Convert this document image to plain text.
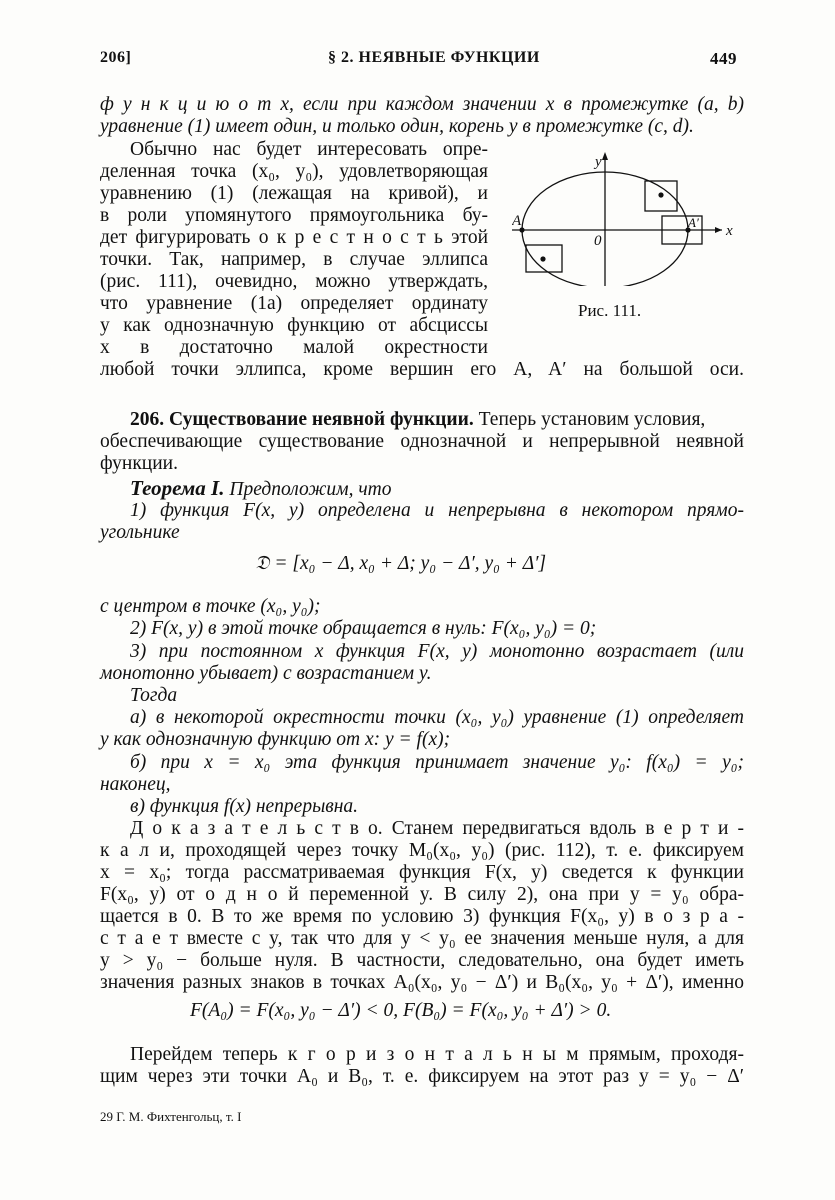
206]	§ 2. НЕЯВНЫЕ ФУНКЦИИ	449
ф у н к ц и ю о т x, если при каждом значении x в промежутке (a, b)
уравнение (1) имеет один, и только один, корень y в промежутке (c, d).
Обычно нас будет интересовать опре-
деленная точка (x₀, y₀), удовлетворяющая
уравнению (1) (лежащая на кривой), и
в роли упомянутого прямоугольника бу-
дет фигурировать о к р е с т н о с т ь этой
точки. Так, например, в случае эллипса
(рис. 111), очевидно, можно утверждать,
что уравнение (1а) определяет ординату
y как однозначную функцию от абсциссы
x в достаточно малой окрестности
любой точки эллипса, кроме вершин его A, A′ на большой оси.
y
x
A	A′
0
Рис. 111.
206. Существование неявной функции. Теперь установим условия,
обеспечивающие существование однозначной и непрерывной неявной
функции.
Теорема I. Предположим, что
1) функция F(x, y) определена и непрерывна в некотором прямо-
угольнике
𝔇 = [x₀ − Δ, x₀ + Δ; y₀ − Δ′, y₀ + Δ′]
с центром в точке (x₀, y₀);
2) F(x, y) в этой точке обращается в нуль: F(x₀, y₀) = 0;
3) при постоянном x функция F(x, y) монотонно возрастает (или
монотонно убывает) с возрастанием y.
Тогда
а) в некоторой окрестности точки (x₀, y₀) уравнение (1) определяет
y как однозначную функцию от x: y = f(x);
б) при x = x₀ эта функция принимает значение y₀: f(x₀) = y₀;
наконец,
в) функция f(x) непрерывна.
Д о к а з а т е л ь с т в о. Станем передвигаться вдоль в е р т и -
к а л и, проходящей через точку M₀(x₀, y₀) (рис. 112), т. е. фиксируем
x = x₀; тогда рассматриваемая функция F(x, y) сведется к функции
F(x₀, y) от о д н о й переменной y. В силу 2), она при y = y₀ обра-
щается в 0. В то же время по условию 3) функция F(x₀, y) в о з р а -
с т а е т вместе с y, так что для y < y₀ ее значения меньше нуля, а для
y > y₀ − больше нуля. В частности, следовательно, она будет иметь
значения разных знаков в точках A₀(x₀, y₀ − Δ′) и B₀(x₀, y₀ + Δ′), именно
F(A₀) = F(x₀, y₀ − Δ′) < 0, F(B₀) = F(x₀, y₀ + Δ′) > 0.
Перейдем теперь к г о р и з о н т а л ь н ы м прямым, проходя-
щим через эти точки A₀ и B₀, т. е. фиксируем на этот раз y = y₀ − Δ′
29 Г. М. Фихтенгольц, т. I
